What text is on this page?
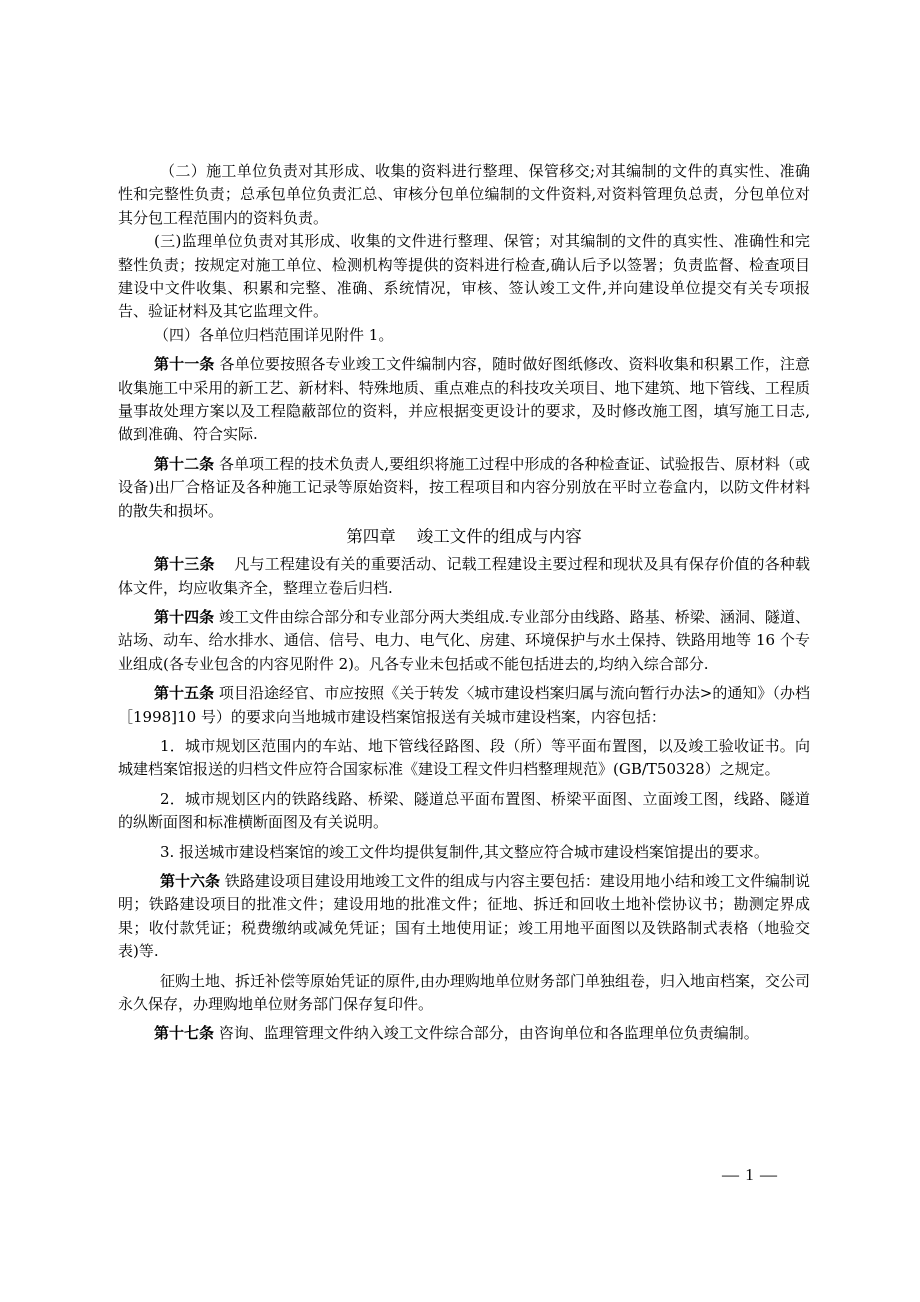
（二）施工单位负责对其形成、收集的资料进行整理、保管移交;对其编制的文件的真实性、准确性和完整性负责；总承包单位负责汇总、审核分包单位编制的文件资料,对资料管理负总责，分包单位对其分包工程范围内的资料负责。

(三)监理单位负责对其形成、收集的文件进行整理、保管；对其编制的文件的真实性、准确性和完整性负责；按规定对施工单位、检测机构等提供的资料进行检查,确认后予以签署；负责监督、检查项目建设中文件收集、积累和完整、准确、系统情况，审核、签认竣工文件,并向建设单位提交有关专项报告、验证材料及其它监理文件。

（四）各单位归档范围详见附件 1。

第十一条 各单位要按照各专业竣工文件编制内容，随时做好图纸修改、资料收集和积累工作，注意收集施工中采用的新工艺、新材料、特殊地质、重点难点的科技攻关项目、地下建筑、地下管线、工程质量事故处理方案以及工程隐蔽部位的资料，并应根据变更设计的要求，及时修改施工图，填写施工日志,做到准确、符合实际.

第十二条 各单项工程的技术负责人,要组织将施工过程中形成的各种检查证、试验报告、原材料（或设备)出厂合格证及各种施工记录等原始资料，按工程项目和内容分别放在平时立卷盒内，以防文件材料的散失和损坏。

第四章    竣工文件的组成与内容

第十三条    凡与工程建设有关的重要活动、记载工程建设主要过程和现状及具有保存价值的各种载体文件，均应收集齐全，整理立卷后归档.

第十四条 竣工文件由综合部分和专业部分两大类组成.专业部分由线路、路基、桥梁、涵洞、隧道、站场、动车、给水排水、通信、信号、电力、电气化、房建、环境保护与水土保持、铁路用地等 16 个专业组成(各专业包含的内容见附件 2)。凡各专业未包括或不能包括进去的,均纳入综合部分.

第十五条 项目沿途经官、市应按照《关于转发〈城市建设档案归属与流向暂行办法>的通知》（办档［1998]10 号）的要求向当地城市建设档案馆报送有关城市建设档案，内容包括：

1．城市规划区范围内的车站、地下管线径路图、段（所）等平面布置图，以及竣工验收证书。向城建档案馆报送的归档文件应符合国家标准《建设工程文件归档整理规范》(GB/T50328）之规定。

2．城市规划区内的铁路线路、桥梁、隧道总平面布置图、桥梁平面图、立面竣工图，线路、隧道的纵断面图和标准横断面图及有关说明。

3. 报送城市建设档案馆的竣工文件均提供复制件,其文整应符合城市建设档案馆提出的要求。

第十六条 铁路建设项目建设用地竣工文件的组成与内容主要包括：建设用地小结和竣工文件编制说明；铁路建设项目的批准文件；建设用地的批准文件；征地、拆迁和回收土地补偿协议书；勘测定界成果；收付款凭证；税费缴纳或减免凭证；国有土地使用证；竣工用地平面图以及铁路制式表格（地验交表)等.

征购土地、拆迁补偿等原始凭证的原件,由办理购地单位财务部门单独组卷，归入地亩档案，交公司永久保存，办理购地单位财务部门保存复印件。

第十七条 咨询、监理管理文件纳入竣工文件综合部分，由咨询单位和各监理单位负责编制。

— 1 —
